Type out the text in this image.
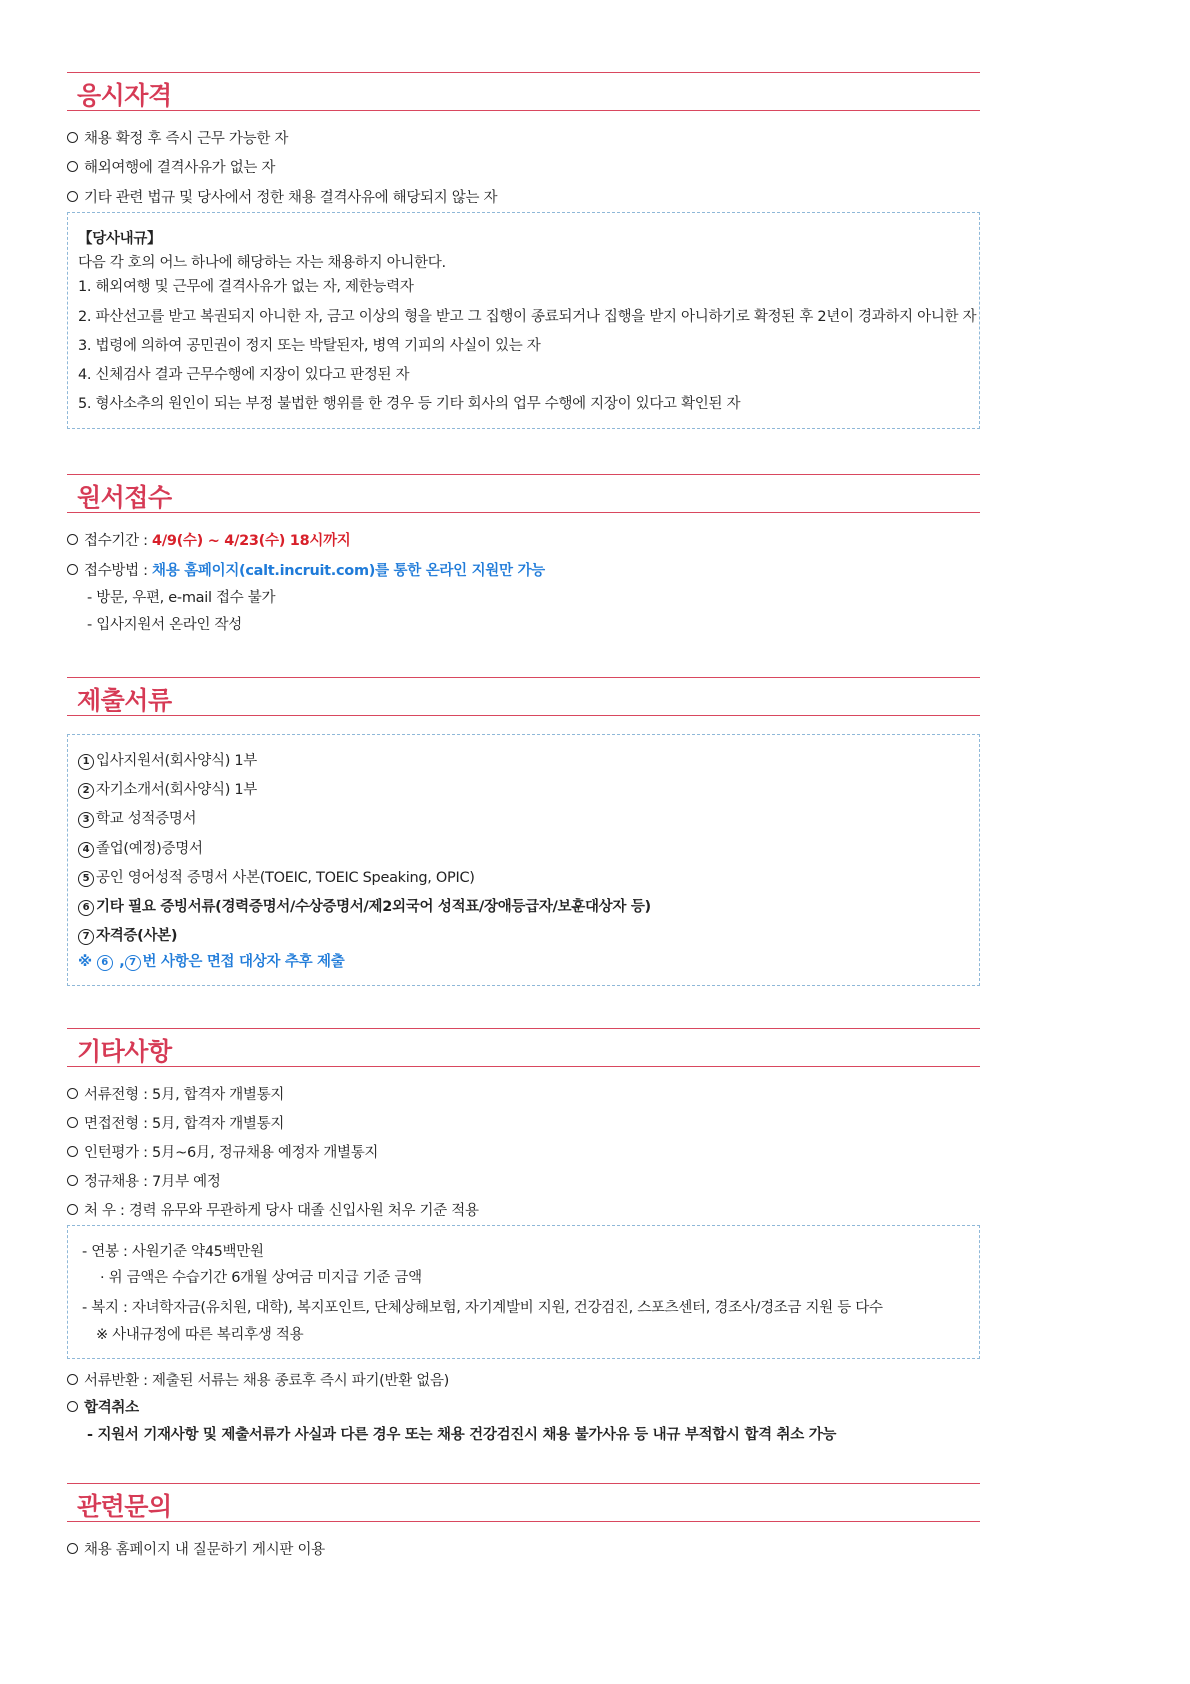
응시자격
채용 확정 후 즉시 근무 가능한 자
해외여행에 결격사유가 없는 자
기타 관련 법규 및 당사에서 정한 채용 결격사유에 해당되지 않는 자
【당사내규】
다음 각 호의 어느 하나에 해당하는 자는 채용하지 아니한다.
1. 해외여행 및 근무에 결격사유가 없는 자, 제한능력자
2. 파산선고를 받고 복권되지 아니한 자, 금고 이상의 형을 받고 그 집행이 종료되거나 집행을 받지 아니하기로 확정된 후 2년이 경과하지 아니한 자
3. 법령에 의하여 공민권이 정지 또는 박탈된자, 병역 기피의 사실이 있는 자
4. 신체검사 결과 근무수행에 지장이 있다고 판정된 자
5. 형사소추의 원인이 되는 부정 불법한 행위를 한 경우 등 기타 회사의 업무 수행에 지장이 있다고 확인된 자
원서접수
접수기간 : 4/9(수) ~ 4/23(수) 18시까지
접수방법 : 채용 홈페이지(calt.incruit.com)를 통한 온라인 지원만 가능
- 방문, 우편, e-mail 접수 불가
- 입사지원서 온라인 작성
제출서류
1 입사지원서(회사양식) 1부
2 자기소개서(회사양식) 1부
3 학교 성적증명서
4 졸업(예정)증명서
5 공인 영어성적 증명서 사본(TOEIC, TOEIC Speaking, OPIC)
6 기타 필요 증빙서류(경력증명서/수상증명서/제2외국어 성적표/장애등급자/보훈대상자 등)
7 자격증(사본)
※ 6 , 7 번 사항은 면접 대상자 추후 제출
기타사항
서류전형 : 5月, 합격자 개별통지
면접전형 : 5月, 합격자 개별통지
인턴평가 : 5月~6月, 정규채용 예정자 개별통지
정규채용 : 7月부 예정
처 우 : 경력 유무와 무관하게 당사 대졸 신입사원 처우 기준 적용
- 연봉 : 사원기준 약45백만원
· 위 금액은 수습기간 6개월 상여금 미지급 기준 금액
- 복지 : 자녀학자금(유치원, 대학), 복지포인트, 단체상해보험, 자기계발비 지원, 건강검진, 스포츠센터, 경조사/경조금 지원 등 다수
※ 사내규정에 따른 복리후생 적용
서류반환 : 제출된 서류는 채용 종료후 즉시 파기(반환 없음)
합격취소
- 지원서 기재사항 및 제출서류가 사실과 다른 경우 또는 채용 건강검진시 채용 불가사유 등 내규 부적합시 합격 취소 가능
관련문의
채용 홈페이지 내 질문하기 게시판 이용
